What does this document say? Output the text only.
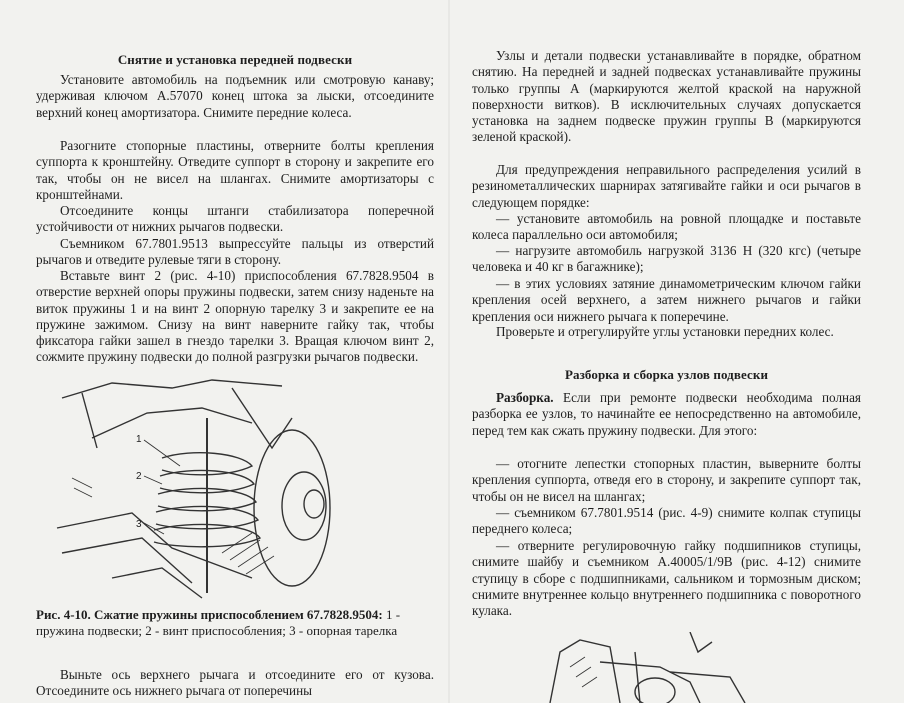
Снятие и установка передней подвески

Установите автомобиль на подъемник или смотровую канаву; удерживая ключом А.57070 конец штока за лыски, отсоедините верхний конец амортизатора. Снимите передние колеса.

Разогните стопорные пластины, отверните болты крепления суппорта к кронштейну. Отведите суппорт в сторону и закрепите его так, чтобы он не висел на шлангах. Снимите амортизаторы с кронштейнами.

Отсоедините концы штанги стабилизатора поперечной устойчивости от нижних рычагов подвески.

Съемником 67.7801.9513 выпрессуйте пальцы из отверстий рычагов и отведите рулевые тяги в сторону.

Вставьте винт 2 (рис. 4-10) приспособления 67.7828.9504 в отверстие верхней опоры пружины подвески, затем снизу наденьте на виток пружины 1 и на винт 2 опорную тарелку 3 и закрепите ее на пружине зажимом. Снизу на винт наверните гайку так, чтобы фиксатора гайки зашел в гнездо тарелки 3. Вращая ключом винт 2, сожмите пружину подвески до полной разгрузки рычагов подвески.

Рис. 4-10. Сжатие пружины приспособлением 67.7828.9504: 1 - пружина подвески; 2 - винт приспособления; 3 - опорная тарелка

Выньте ось верхнего рычага и отсоедините его от кузова. Отсоедините ось нижнего рычага от поперечины

1
2
3

Узлы и детали подвески устанавливайте в порядке, обратном снятию. На передней и задней подвесках устанавливайте пружины только группы А (маркируются желтой краской на наружной поверхности витков). В исключительных случаях допускается установка на заднем подвеске пружин группы В (маркируются зеленой краской).

Для предупреждения неправильного распределения усилий в резинометаллических шарнирах затягивайте гайки и оси рычагов в следующем порядке:

— установите автомобиль на ровной площадке и поставьте колеса параллельно оси автомобиля;

— нагрузите автомобиль нагрузкой 3136 Н (320 кгс) (четыре человека и 40 кг в багажнике);

— в этих условиях затяние динамометрическим ключом гайки крепления осей верхнего, а затем нижнего рычагов и гайки крепления оси нижнего рычага к поперечине.

Проверьте и отрегулируйте углы установки передних колес.

Разборка и сборка узлов подвески

Разборка. Если при ремонте подвески необходима полная разборка ее узлов, то начинайте ее непосредственно на автомобиле, перед тем как сжать пружину подвески. Для этого:

— отогните лепестки стопорных пластин, выверните болты крепления суппорта, отведя его в сторону, и закрепите суппорт так, чтобы он не висел на шлангах;

— съемником 67.7801.9514 (рис. 4-9) снимите колпак ступицы переднего колеса;

— отверните регулировочную гайку подшипников ступицы, снимите шайбу и съемником А.40005/1/9В (рис. 4-12) снимите ступицу в сборе с подшипниками, сальником и тормозным диском; снимите внутреннее кольцо внутреннего подшипника с поворотного кулака.
